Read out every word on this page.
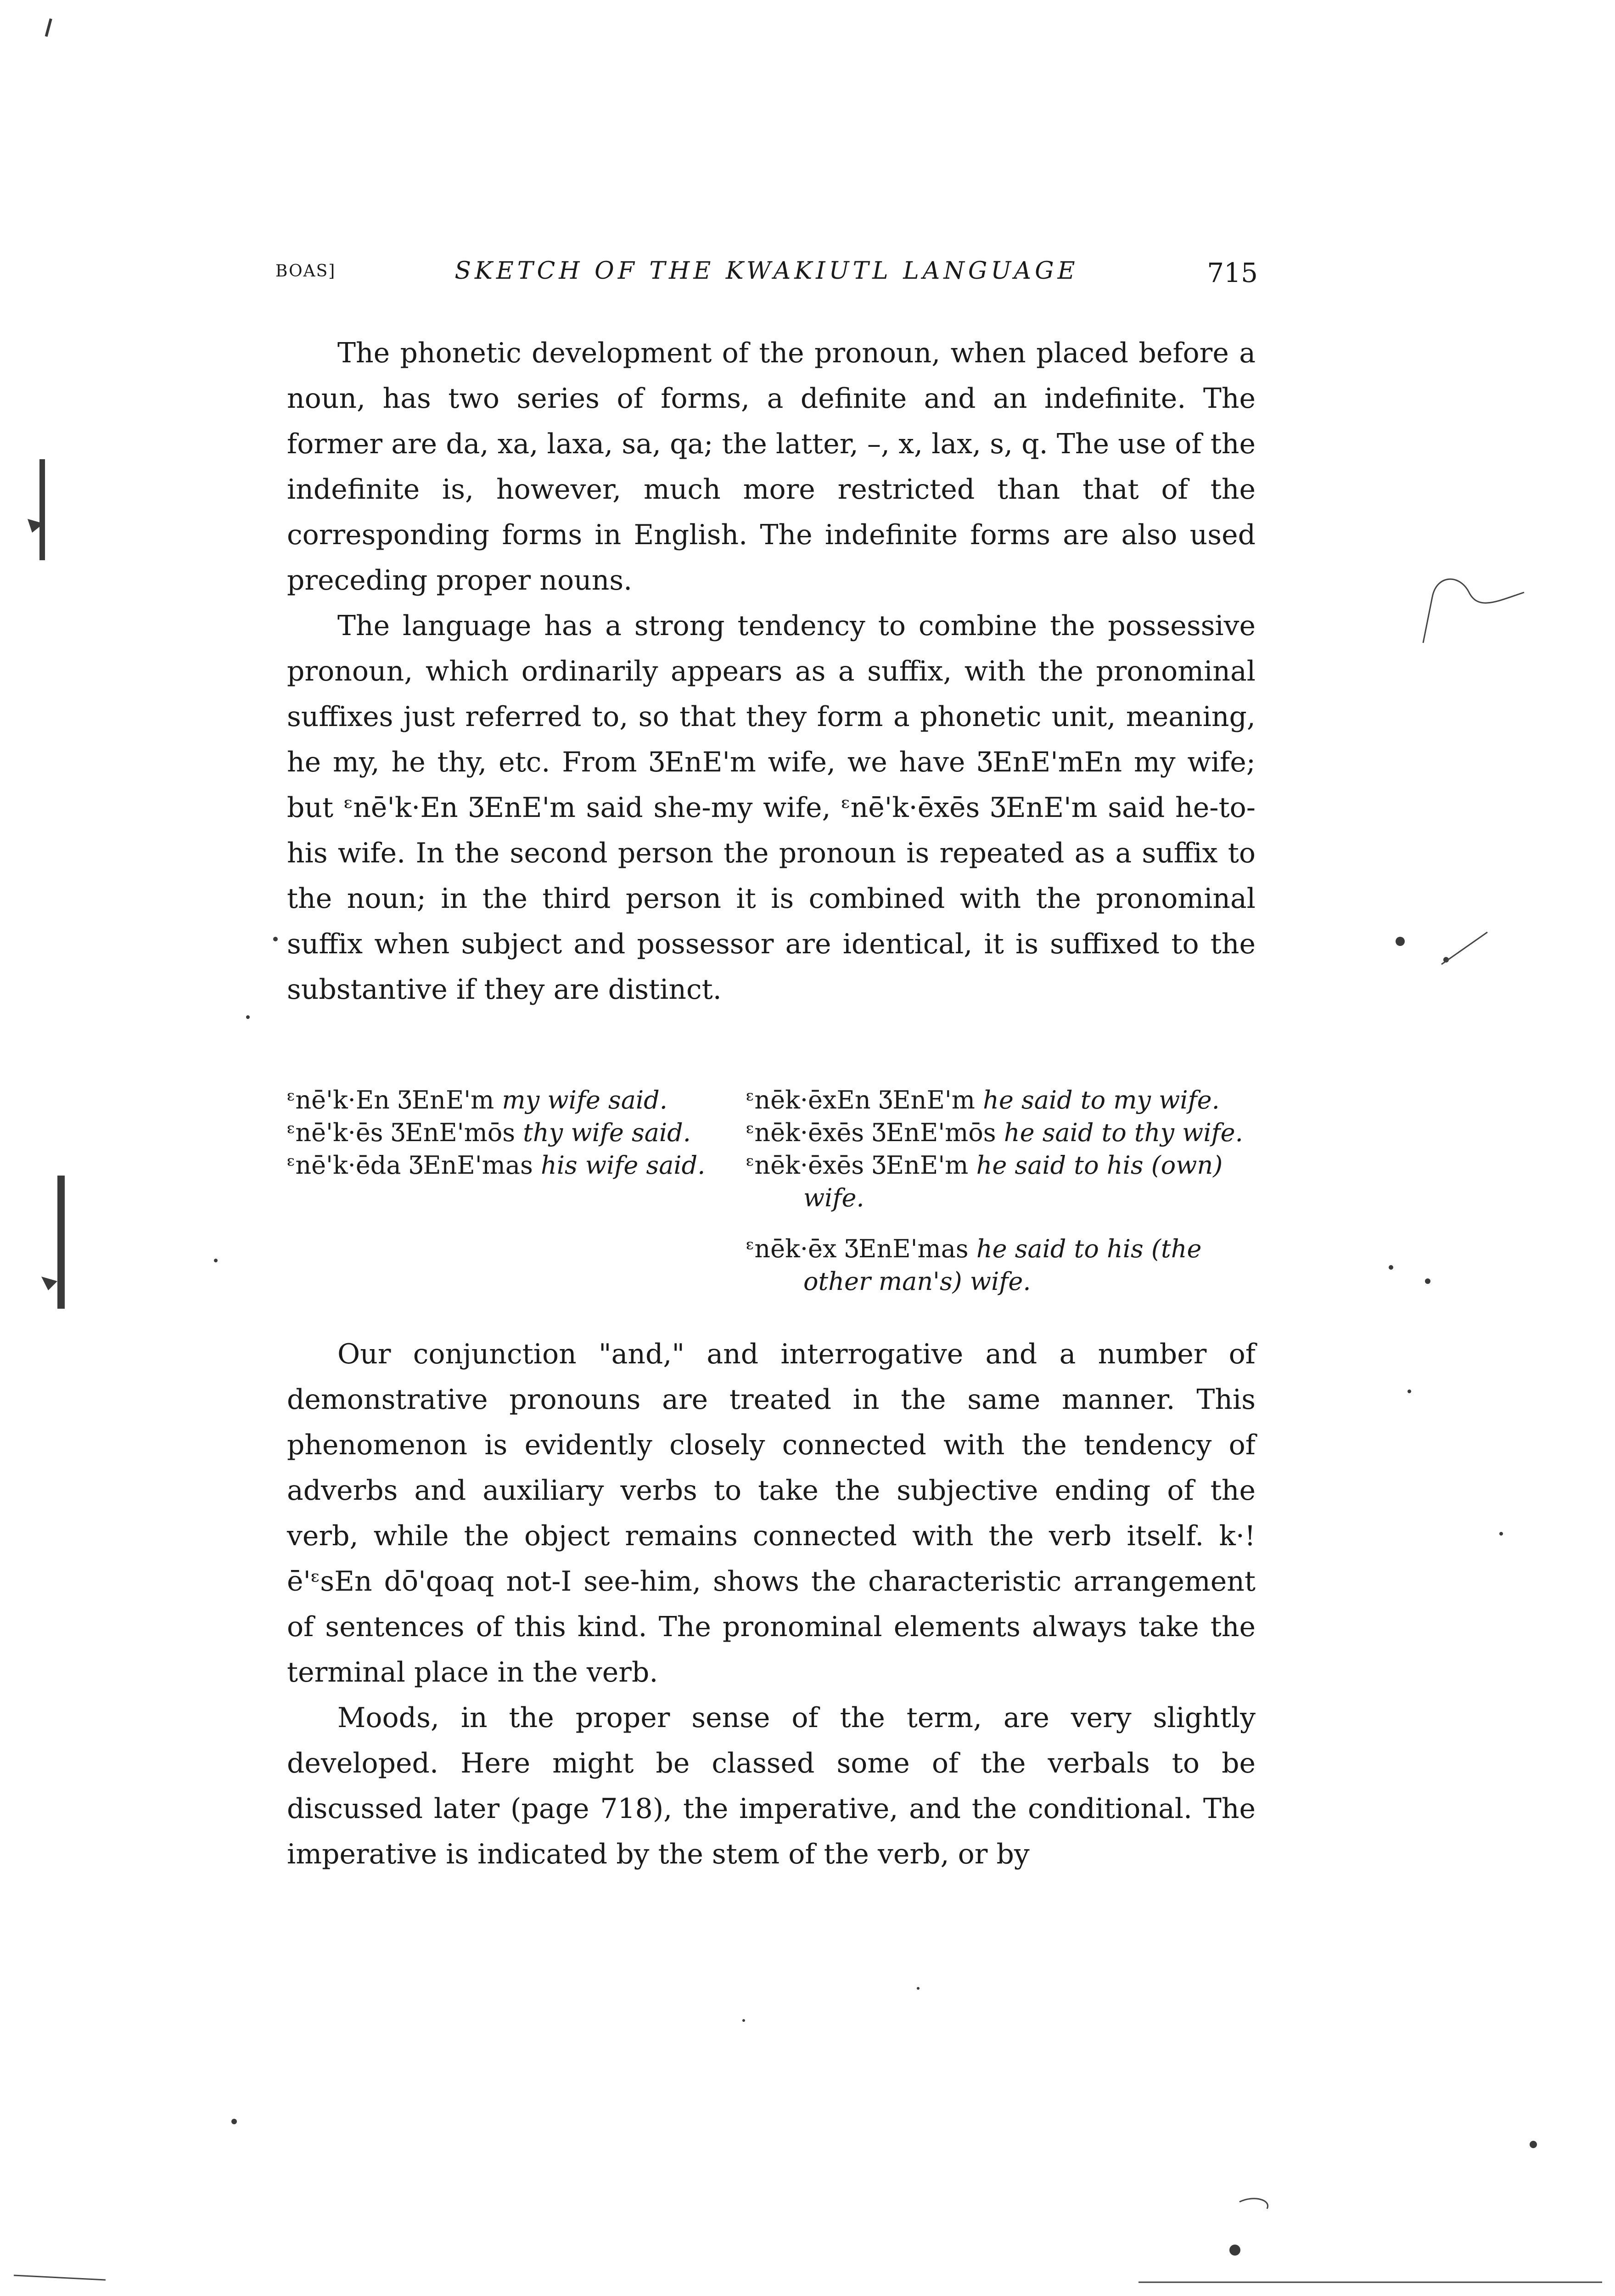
BOAS]	SKETCH OF THE KWAKIUTL LANGUAGE	715

The phonetic development of the pronoun, when placed before a noun, has two series of forms, a definite and an indefinite. The former are da, xa, laxa, sa, qa; the latter, –, x, lax, s, q. The use of the indefinite is, however, much more restricted than that of the corresponding forms in English. The indefinite forms are also used preceding proper nouns.

The language has a strong tendency to combine the possessive pronoun, which ordinarily appears as a suffix, with the pronominal suffixes just referred to, so that they form a phonetic unit, meaning, he my, he thy, etc. From ƷEnE'm wife, we have ƷEnE'mEn my wife; but ᵋnē'k·En ƷEnE'm said she-my wife, ᵋnē'k·ēxēs ƷEnE'm said he-to-his wife. In the second person the pronoun is repeated as a suffix to the noun; in the third person it is combined with the pronominal suffix when subject and possessor are identical, it is suffixed to the substantive if they are distinct.

ᵋnē'k·En ƷEnE'm my wife said.
ᵋnē'k·ēs ƷEnE'mōs thy wife said.
ᵋnē'k·ēda ƷEnE'mas his wife said.
ᵋnēk·ēxEn ƷEnE'm he said to my wife.
ᵋnēk·ēxēs ƷEnE'mōs he said to thy wife.
ᵋnēk·ēxēs ƷEnE'm he said to his (own)
wife.
ᵋnēk·ēx ƷEnE'mas he said to his (the
other man's) wife.

Our conjunction "and," and interrogative and a number of demonstrative pronouns are treated in the same manner. This phenomenon is evidently closely connected with the tendency of adverbs and auxiliary verbs to take the subjective ending of the verb, while the object remains connected with the verb itself. k·!ē'ᵋsEn dō'qoaq not-I see-him, shows the characteristic arrangement of sentences of this kind. The pronominal elements always take the terminal place in the verb.

Moods, in the proper sense of the term, are very slightly developed. Here might be classed some of the verbals to be discussed later (page 718), the imperative, and the conditional. The imperative is indicated by the stem of the verb, or by
